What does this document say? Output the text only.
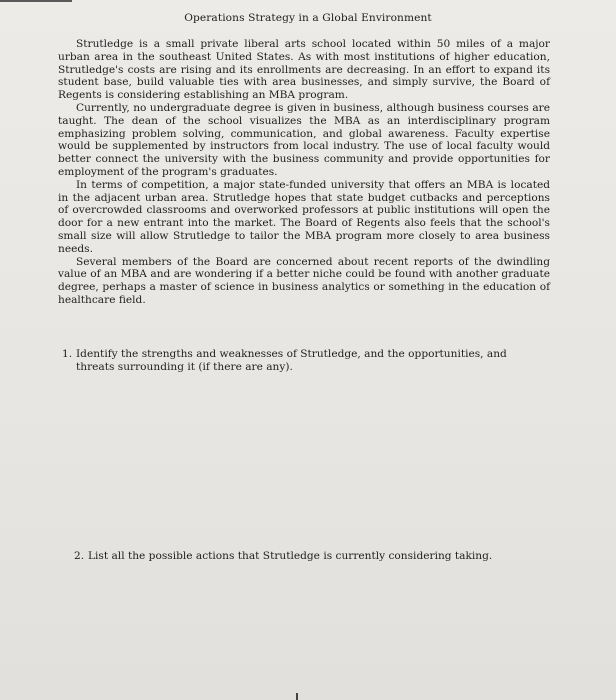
Operations Strategy in a Global Environment

Strutledge is a small private liberal arts school located within 50 miles of a major urban area in the southeast United States. As with most institutions of higher education, Strutledge's costs are rising and its enrollments are decreasing. In an effort to expand its student base, build valuable ties with area businesses, and simply survive, the Board of Regents is considering establishing an MBA program.

Currently, no undergraduate degree is given in business, although business courses are taught. The dean of the school visualizes the MBA as an interdisciplinary program emphasizing problem solving, communication, and global awareness. Faculty expertise would be supplemented by instructors from local industry. The use of local faculty would better connect the university with the business community and provide opportunities for employment of the program's graduates.

In terms of competition, a major state-funded university that offers an MBA is located in the adjacent urban area. Strutledge hopes that state budget cutbacks and perceptions of overcrowded classrooms and overworked professors at public institutions will open the door for a new entrant into the market. The Board of Regents also feels that the school's small size will allow Strutledge to tailor the MBA program more closely to area business needs.

Several members of the Board are concerned about recent reports of the dwindling value of an MBA and are wondering if a better niche could be found with another graduate degree, perhaps a master of science in business analytics or something in the education of healthcare field.

1. Identify the strengths and weaknesses of Strutledge, and the opportunities, and threats surrounding it (if there are any).
2. List all the possible actions that Strutledge is currently considering taking.
